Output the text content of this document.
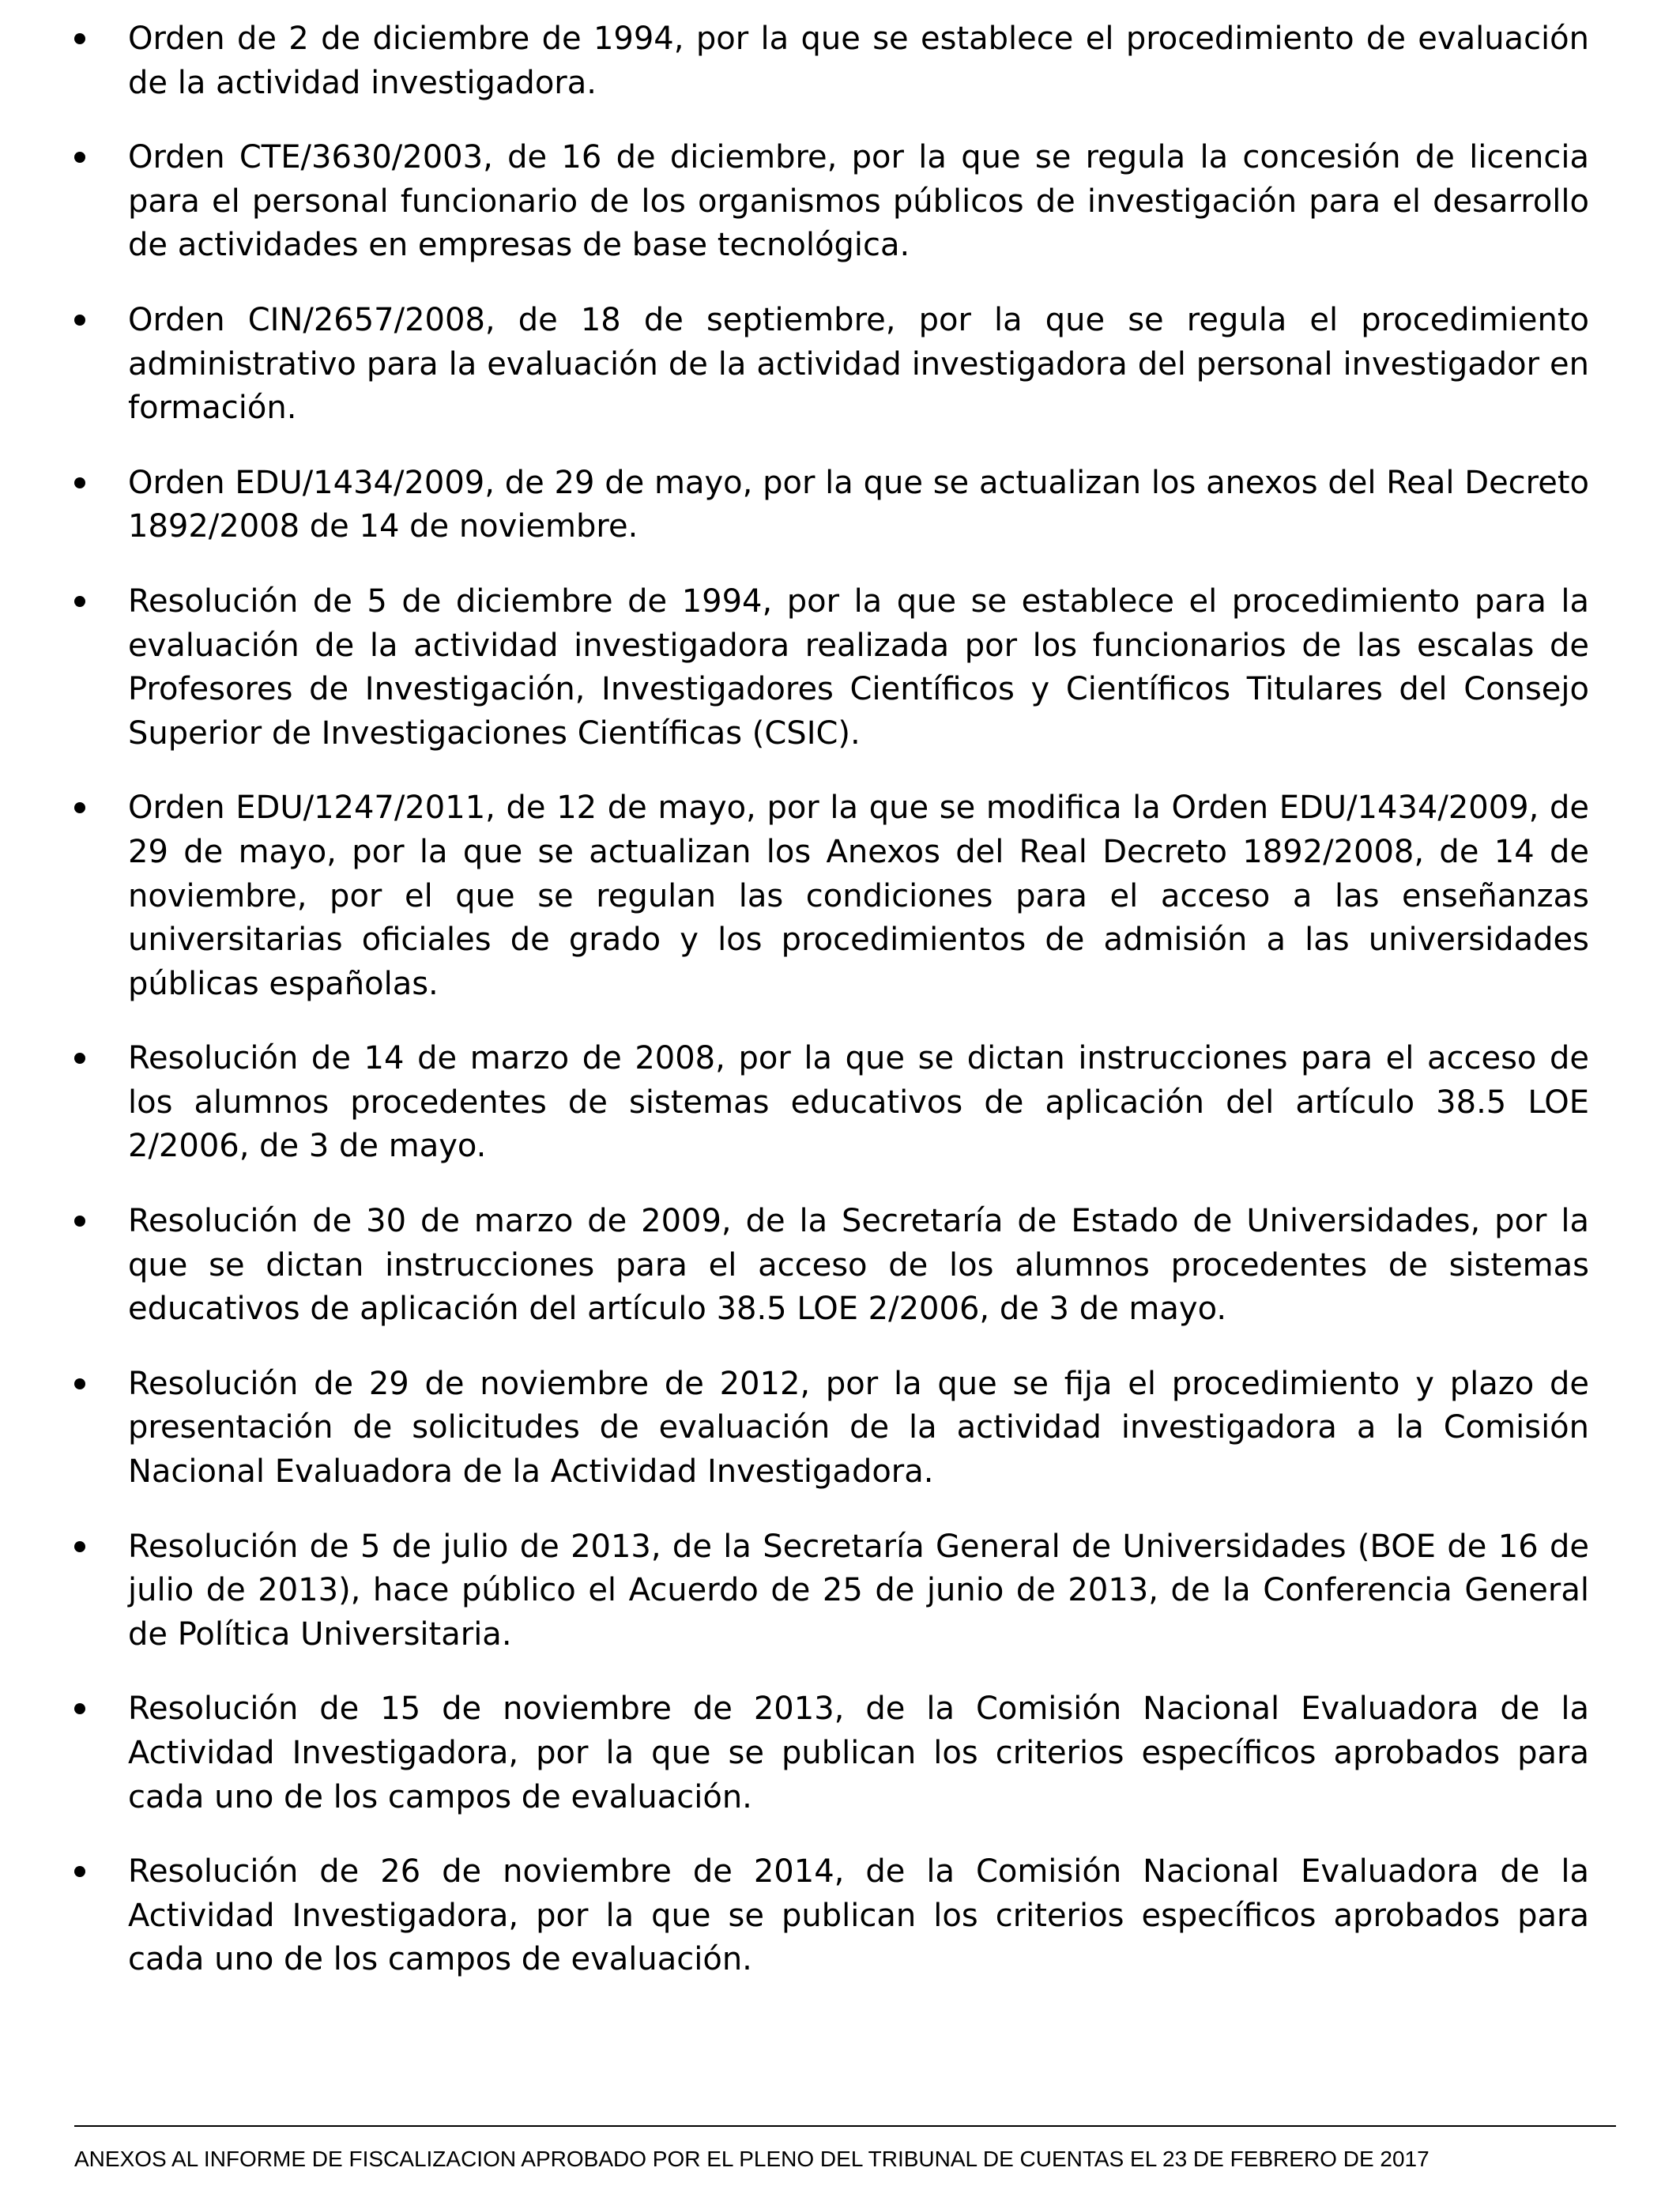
Orden de 2 de diciembre de 1994, por la que se establece el procedimiento de evaluación de la actividad investigadora.
Orden CTE/3630/2003, de 16 de diciembre, por la que se regula la concesión de licencia para el personal funcionario de los organismos públicos de investigación para el desarrollo de actividades en empresas de base tecnológica.
Orden CIN/2657/2008, de 18 de septiembre, por la que se regula el procedimiento administrativo para la evaluación de la actividad investigadora del personal investigador en formación.
Orden EDU/1434/2009, de 29 de mayo, por la que se actualizan los anexos del Real Decreto 1892/2008 de 14 de noviembre.
Resolución de 5 de diciembre de 1994, por la que se establece el procedimiento para la evaluación de la actividad investigadora realizada por los funcionarios de las escalas de Profesores de Investigación, Investigadores Científicos y Científicos Titulares del Consejo Superior de Investigaciones Científicas (CSIC).
Orden EDU/1247/2011, de 12 de mayo, por la que se modifica la Orden EDU/1434/2009, de 29 de mayo, por la que se actualizan los Anexos del Real Decreto 1892/2008, de 14 de noviembre, por el que se regulan las condiciones para el acceso a las enseñanzas universitarias oficiales de grado y los procedimientos de admisión a las universidades públicas españolas.
Resolución de 14 de marzo de 2008, por la que se dictan instrucciones para el acceso de los alumnos procedentes de sistemas educativos de aplicación del artículo 38.5 LOE 2/2006, de 3 de mayo.
Resolución de 30 de marzo de 2009, de la Secretaría de Estado de Universidades, por la que se dictan instrucciones para el acceso de los alumnos procedentes de sistemas educativos de aplicación del artículo 38.5 LOE 2/2006, de 3 de mayo.
Resolución de 29 de noviembre de 2012, por la que se fija el procedimiento y plazo de presentación de solicitudes de evaluación de la actividad investigadora a la Comisión Nacional Evaluadora de la Actividad Investigadora.
Resolución de 5 de julio de 2013, de la Secretaría General de Universidades (BOE de 16 de julio de 2013), hace público el Acuerdo de 25 de junio de 2013, de la Conferencia General de Política Universitaria.
Resolución de 15 de noviembre de 2013, de la Comisión Nacional Evaluadora de la Actividad Investigadora, por la que se publican los criterios específicos aprobados para cada uno de los campos de evaluación.
Resolución de 26 de noviembre de 2014, de la Comisión Nacional Evaluadora de la Actividad Investigadora, por la que se publican los criterios específicos aprobados para cada uno de los campos de evaluación.
ANEXOS AL INFORME DE FISCALIZACION APROBADO POR EL PLENO DEL TRIBUNAL DE CUENTAS EL 23 DE FEBRERO DE 2017
